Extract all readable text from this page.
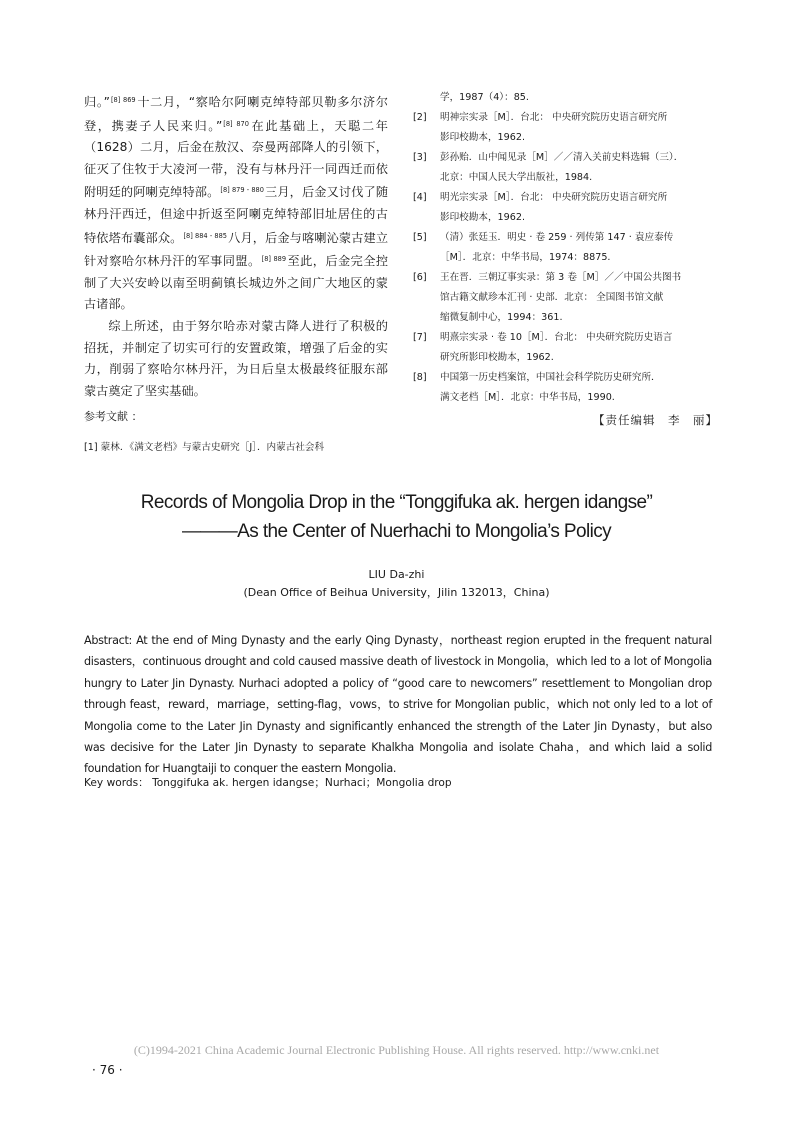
归。”$^{[8] 869}$十二月，“察哈尔阿喇克绰特部贝勒多尔济尔登，携妻子人民来归。”$^{[8] 870}$在此基础上，天聪二年（1628）二月，后金在敖汉、奈曼两部降人的引领下，征灭了住牧于大凌河一带，没有与林丹汗一同西迁而依附明廷的阿喇克绰特部。$^{[8] 879 - 880}$三月，后金又讨伐了随林丹汗西迁，但途中折返至阿喇克绰特部旧址居住的古特依塔布囊部众。$^{[8] 884 - 885}$八月，后金与喀喇沁蒙古建立针对察哈尔林丹汗的军事同盟。$^{[8] 889}$至此，后金完全控制了大兴安岭以南至明蓟镇长城边外之间广大地区的蒙古诸部。

综上所述，由于努尔哈赤对蒙古降人进行了积极的招抚，并制定了切实可行的安置政策，增强了后金的实力，削弱了察哈尔林丹汗，为日后皇太极最终征服东部蒙古奠定了坚实基础。

参考文献 ：

[1] 蒙林．《满文老档》与蒙古史研究［J］．内蒙古社会科

学，1987（4）：85.

[2] 明神宗实录［M］．台北： 中央研究院历史语言研究所
影印校勘本，1962.
[3] 彭孙贻．山中闻见录［M］／／清入关前史料选辑（三）．
北京：中国人民大学出版社，1984.
[4] 明光宗实录［M］．台北： 中央研究院历史语言研究所
影印校勘本，1962.
[5] （清）张廷玉．明史 · 卷 259 · 列传第 147 · 袁应泰传
［M］．北京：中华书局，1974：8875.
[6] 王在晋．三朝辽事实录：第 3 卷［M］／／中国公共图书
馆古籍文献珍本汇刊 · 史部．北京： 全国图书馆文献
缩微复制中心，1994：361.
[7] 明熹宗实录 · 卷 10［M］．台北： 中央研究院历史语言
研究所影印校勘本，1962.
[8] 中国第一历史档案馆，中国社会科学院历史研究所．
满文老档［M］．北京：中华书局，1990.
【责任编辑　李　丽】
Records of Mongolia Drop in the “Tonggifuka ak. hergen idangse”
———As the Center of Nuerhachi to Mongolia’s Policy
LIU Da-zhi
(Dean Office of Beihua University，Jilin 132013，China)

Abstract: At the end of Ming Dynasty and the early Qing Dynasty，northeast region erupted in the frequent natural disasters，continuous drought and cold caused massive death of livestock in Mongolia，which led to a lot of Mongolia hungry to Later Jin Dynasty. Nurhaci adopted a policy of “good care to newcomers” resettlement to Mongolian drop through feast，reward，marriage，setting-flag，vows，to strive for Mongolian public，which not only led to a lot of Mongolia come to the Later Jin Dynasty and significantly enhanced the strength of the Later Jin Dynasty，but also was decisive for the Later Jin Dynasty to separate Khalkha Mongolia and isolate Chaha，and which laid a solid foundation for Huangtaiji to conquer the eastern Mongolia.

Key words： Tonggifuka ak. hergen idangse；Nurhaci；Mongolia drop

(C)1994-2021 China Academic Journal Electronic Publishing House. All rights reserved. http://www.cnki.net
· 76 ·
